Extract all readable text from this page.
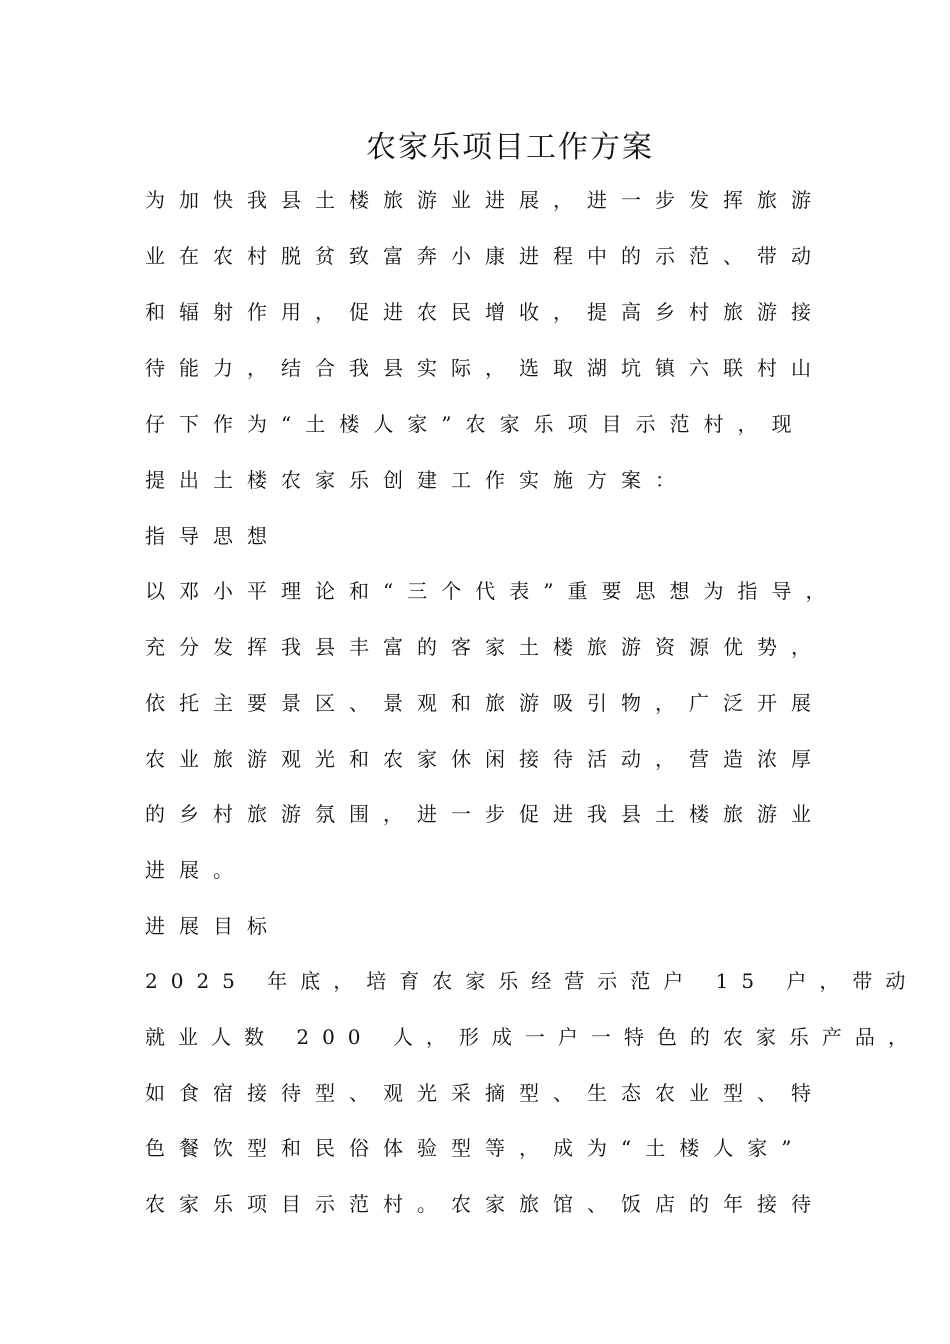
农家乐项目工作方案

为加快我县土楼旅游业进展，进一步发挥旅游

业在农村脱贫致富奔小康进程中的示范、带动

和辐射作用，促进农民增收，提高乡村旅游接

待能力，结合我县实际，选取湖坑镇六联村山

仔下作为“土楼人家”农家乐项目示范村，现

提出土楼农家乐创建工作实施方案：

指导思想

以邓小平理论和“三个代表”重要思想为指导，

充分发挥我县丰富的客家土楼旅游资源优势，

依托主要景区、景观和旅游吸引物，广泛开展

农业旅游观光和农家休闲接待活动，营造浓厚

的乡村旅游氛围，进一步促进我县土楼旅游业

进展。

进展目标

2025 年底，培育农家乐经营示范户 15 户，带动

就业人数 200 人，形成一户一特色的农家乐产品，

如食宿接待型、观光采摘型、生态农业型、特

色餐饮型和民俗体验型等，成为“土楼人家”

农家乐项目示范村。农家旅馆、饭店的年接待
